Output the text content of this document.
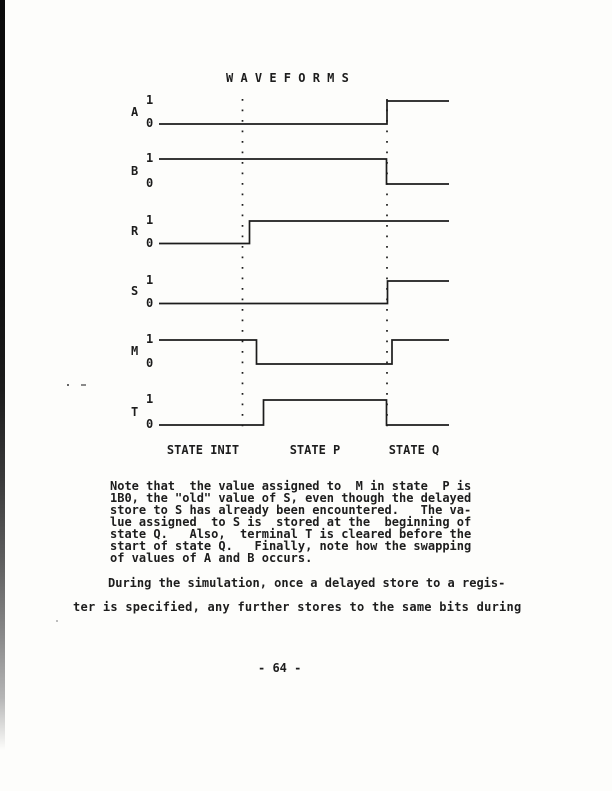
W A V E F O R M S
1
A
0
1
B
0
1
R
0
1
S
0
1
M
0
1
T
0
STATE INIT	STATE P	STATE Q
Note that  the value assigned to  M in state  P is
1B0, the "old" value of S, even though the delayed
store to S has already been encountered.   The va-
lue assigned  to S is  stored at the  beginning of
state Q.   Also,  terminal T is cleared before the
start of state Q.   Finally, note how the swapping
of values of A and B occurs.
During the simulation, once a delayed store to a regis-
ter is specified, any further stores to the same bits during
- 64 -
